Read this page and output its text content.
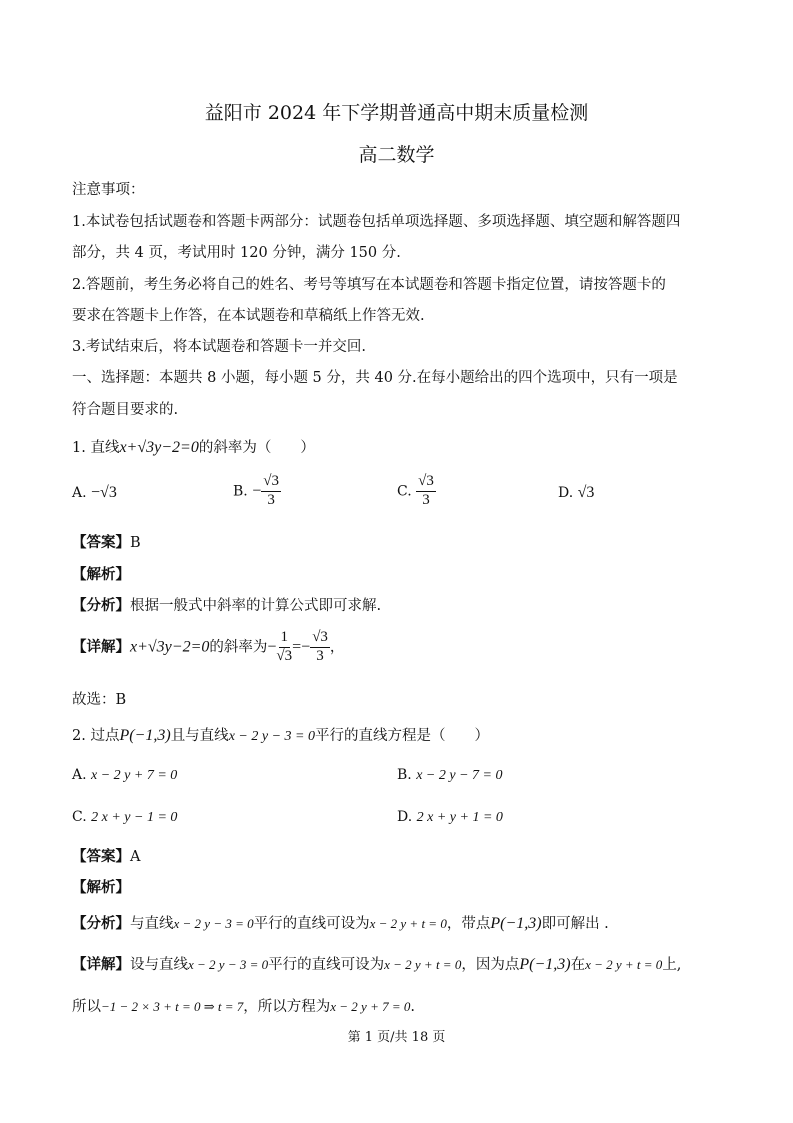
益阳市 2024 年下学期普通高中期末质量检测
高二数学
注意事项：
1.本试卷包括试题卷和答题卡两部分：试题卷包括单项选择题、多项选择题、填空题和解答题四
部分，共 4 页，考试用时 120 分钟，满分 150 分.
2.答题前，考生务必将自己的姓名、考号等填写在本试题卷和答题卡指定位置，请按答题卡的
要求在答题卡上作答，在本试题卷和草稿纸上作答无效.
3.考试结束后，将本试题卷和答题卡一并交回.
一、选择题：本题共 8 小题，每小题 5 分，共 40 分.在每小题给出的四个选项中，只有一项是
符合题目要求的.
1. 直线x+√3y−2=0的斜率为（　　）
A. −√3	B. − $\frac{√3}{3}$	C. $\frac{√3}{3}$	D. √3
【答案】B
【解析】
【分析】根据一般式中斜率的计算公式即可求解.
【详解】x+√3y−2=0的斜率为− $\frac{1}{√3} =- \frac{√3}{3}$ ，
故选：B
2. 过点P(−1,3)且与直线x − 2 y − 3 = 0平行的直线方程是（　　）
A. x − 2 y + 7 = 0	B. x − 2 y − 7 = 0
C. 2 x + y − 1 = 0	D. 2 x + y + 1 = 0
【答案】A
【解析】
【分析】与直线x − 2 y − 3 = 0平行的直线可设为x − 2 y + t = 0，带点P(−1,3)即可解出 .
【详解】设与直线x − 2 y − 3 = 0平行的直线可设为x − 2 y + t = 0，因为点P(−1,3)在x − 2 y + t = 0上,
所以−1 − 2 × 3 + t = 0 ⇒ t = 7，所以方程为x − 2 y + 7 = 0.
第 1 页/共 18 页
